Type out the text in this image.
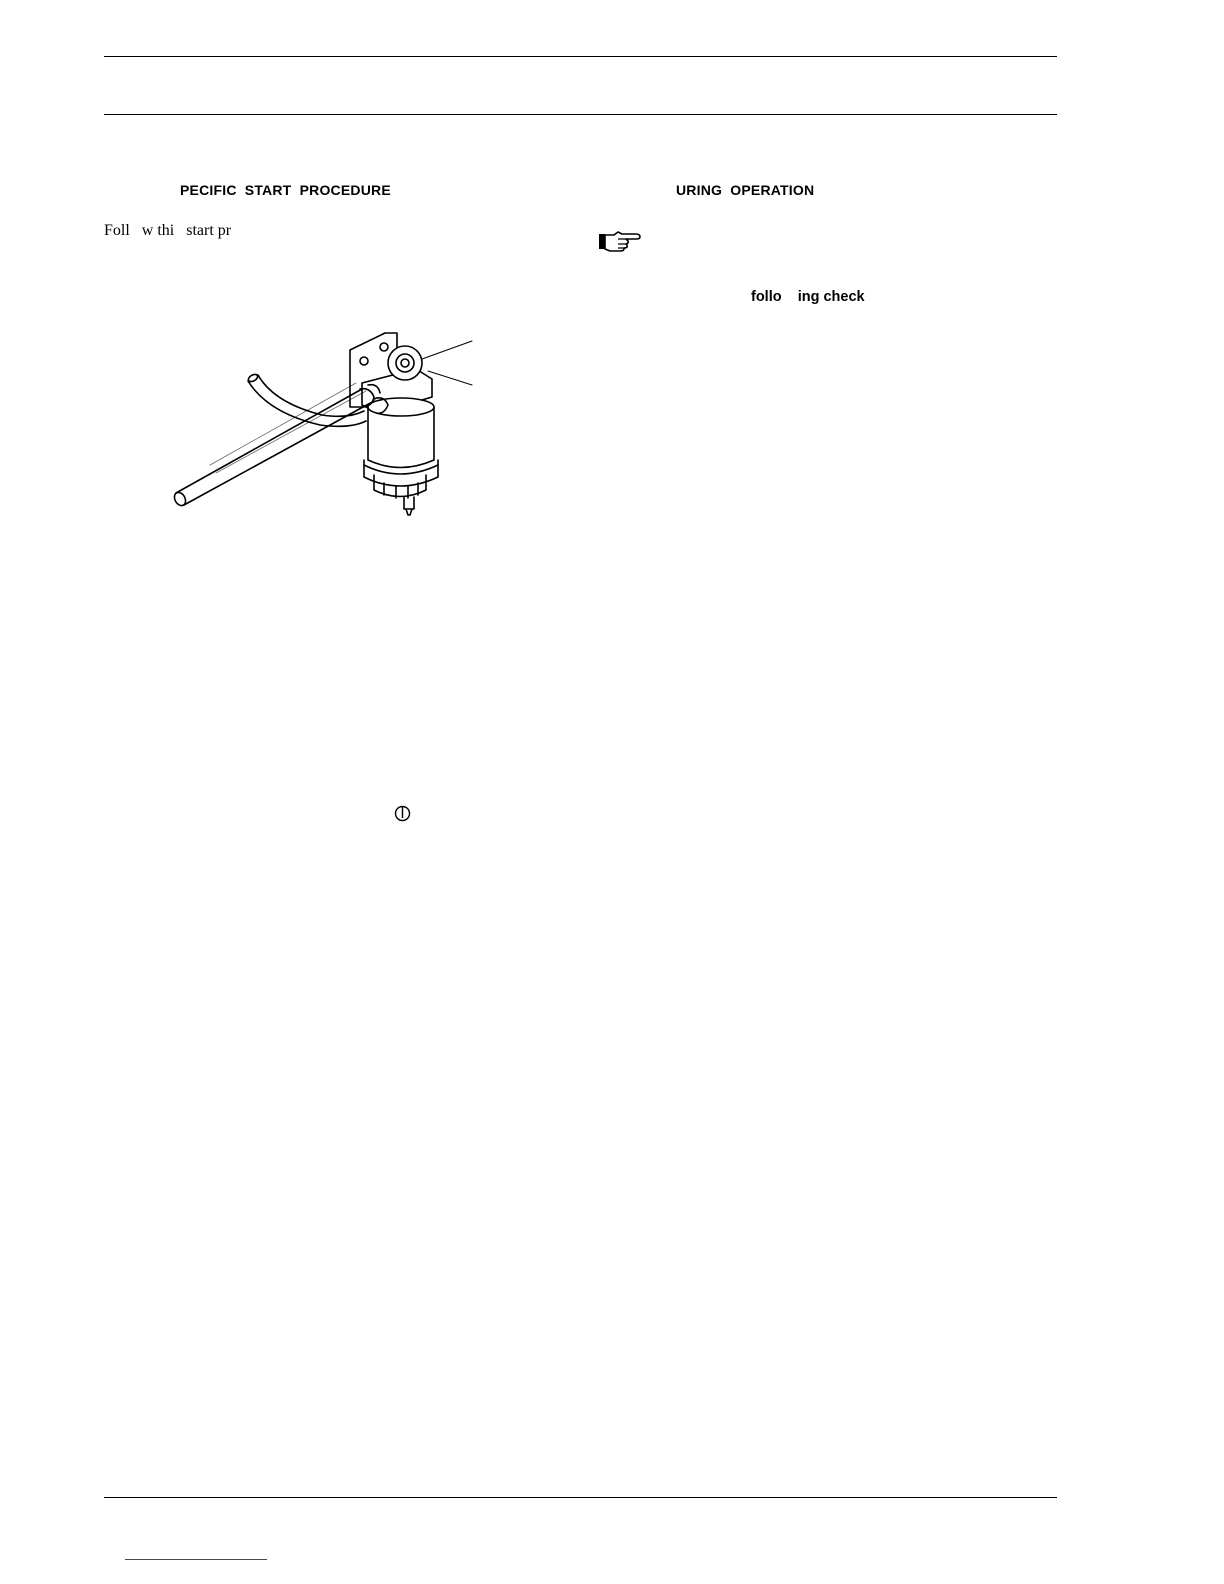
PECIFIC  START  PROCEDURE
Foll   w thi   start pr
URING  OPERATION
follo    ing check
